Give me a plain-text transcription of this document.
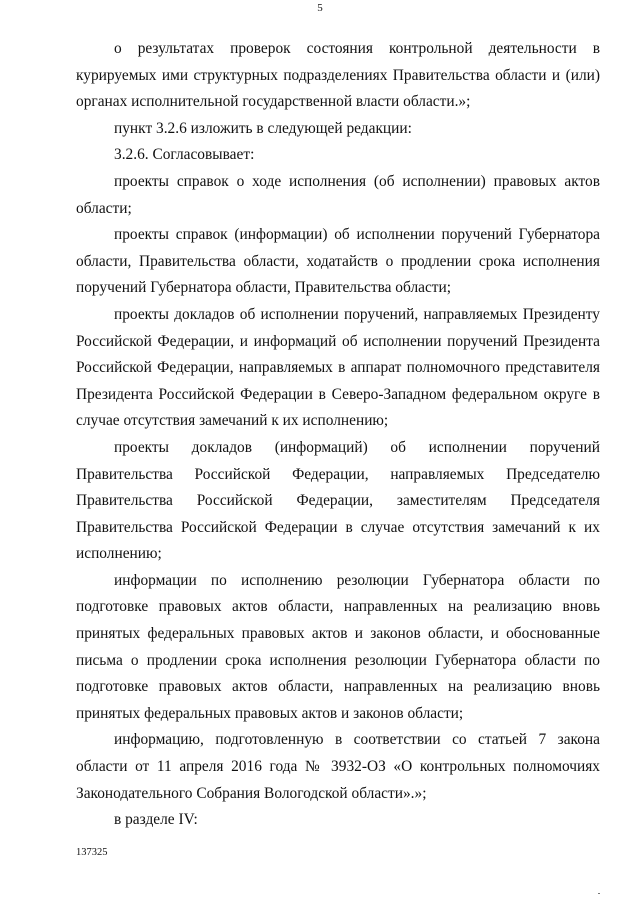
5

о результатах проверок состояния контрольной деятельности в курируемых ими структурных подразделениях Правительства области и (или) органах исполнительной государственной власти области.»;

пункт 3.2.6 изложить в следующей редакции:

3.2.6. Согласовывает:

проекты справок о ходе исполнения (об исполнении) правовых актов области;

проекты справок (информации) об исполнении поручений Губернатора области, Правительства области, ходатайств о продлении срока исполнения поручений Губернатора области, Правительства области;

проекты докладов об исполнении поручений, направляемых Президенту Российской Федерации, и информаций об исполнении поручений Президента Российской Федерации, направляемых в аппарат полномочного представителя Президента Российской Федерации в Северо-Западном федеральном округе в случае отсутствия замечаний к их исполнению;

проекты докладов (информаций) об исполнении поручений Правительства Российской Федерации, направляемых Председателю Правительства Российской Федерации, заместителям Председателя Правительства Российской Федерации в случае отсутствия замечаний к их исполнению;

информации по исполнению резолюции Губернатора области по подготовке правовых актов области, направленных на реализацию вновь принятых федеральных правовых актов и законов области, и обоснованные письма о продлении срока исполнения резолюции Губернатора области по подготовке правовых актов области, направленных на реализацию вновь принятых федеральных правовых актов и законов области;

информацию, подготовленную в соответствии со статьей 7 закона области от 11 апреля 2016 года № 3932-ОЗ «О контрольных полномочиях Законодательного Собрания Вологодской области».»;

в разделе IV:

137325
